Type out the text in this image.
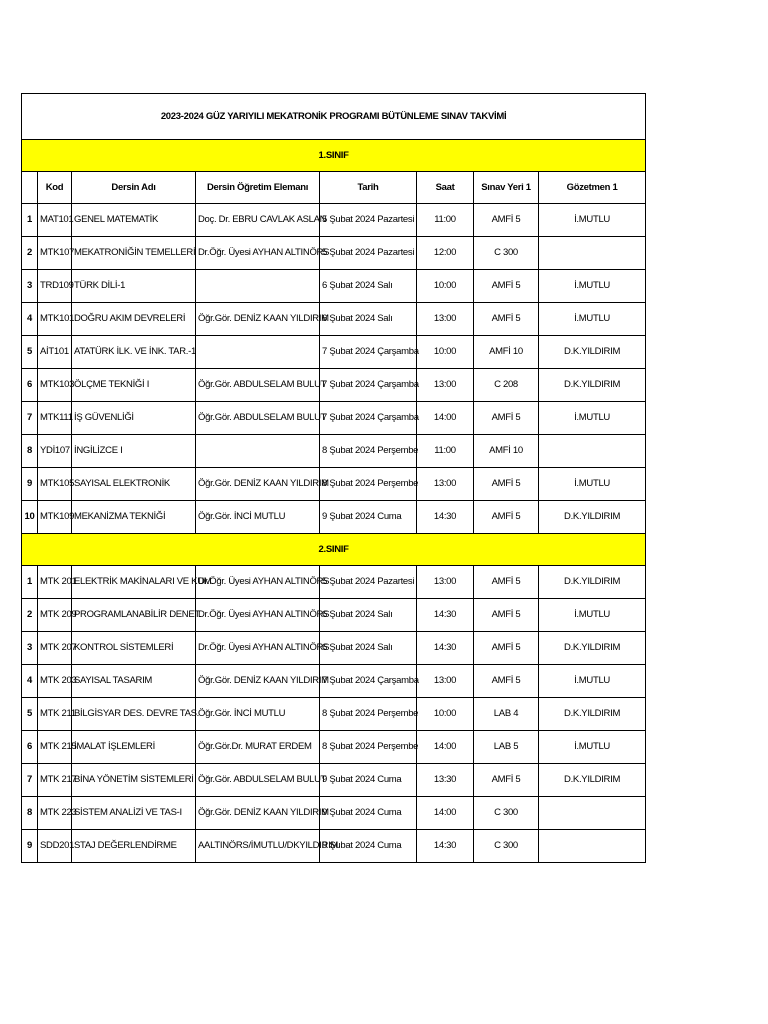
2023-2024 GÜZ YARIYILI MEKATRONİK PROGRAMI BÜTÜNLEME SINAV TAKVİMİ							
1.SINIF							
	Kod	Dersin Adı	Dersin Öğretim Elemanı	Tarih	Saat	Sınav Yeri 1	Gözetmen 1
1	MAT101	GENEL MATEMATİK	Doç. Dr. EBRU CAVLAK ASLAN	5 Şubat 2024 Pazartesi	11:00	AMFİ 5	İ.MUTLU
2	MTK107	MEKATRONİĞİN TEMELLERİ	Dr.Öğr. Üyesi AYHAN ALTINÖRS	5 Şubat 2024 Pazartesi	12:00	C 300	
3	TRD109	TÜRK DİLİ-1		6 Şubat 2024 Salı	10:00	AMFİ 5	İ.MUTLU
4	MTK101	DOĞRU AKIM DEVRELERİ	Öğr.Gör. DENİZ KAAN YILDIRIM	6 Şubat 2024 Salı	13:00	AMFİ 5	İ.MUTLU
5	AİT101	ATATÜRK İLK. VE İNK. TAR.-1		7 Şubat 2024 Çarşamba	10:00	AMFİ 10	D.K.YILDIRIM
6	MTK103	ÖLÇME TEKNİĞİ I	Öğr.Gör. ABDULSELAM BULUT	7 Şubat 2024 Çarşamba	13:00	C 208	D.K.YILDIRIM
7	MTK111	İŞ GÜVENLİĞİ	Öğr.Gör. ABDULSELAM BULUT	7 Şubat 2024 Çarşamba	14:00	AMFİ 5	İ.MUTLU
8	YDİ107	İNGİLİZCE I		8 Şubat 2024 Perşembe	11:00	AMFİ 10	
9	MTK105	SAYISAL ELEKTRONİK	Öğr.Gör. DENİZ KAAN YILDIRIM	8 Şubat 2024 Perşembe	13:00	AMFİ 5	İ.MUTLU
10	MTK109	MEKANİZMA TEKNİĞİ	Öğr.Gör. İNCİ MUTLU	9 Şubat 2024 Cuma	14:30	AMFİ 5	D.K.YILDIRIM
2.SINIF							
1	MTK 201	ELEKTRİK MAKİNALARI VE KUM.	Dr.Öğr. Üyesi AYHAN ALTINÖRS	5 Şubat 2024 Pazartesi	13:00	AMFİ 5	D.K.YILDIRIM
2	MTK 209	PROGRAMLANABİLİR DENET.	Dr.Öğr. Üyesi AYHAN ALTINÖRS	6 Şubat 2024 Salı	14:30	AMFİ 5	İ.MUTLU
3	MTK 207	KONTROL SİSTEMLERİ	Dr.Öğr. Üyesi AYHAN ALTINÖRS	6 Şubat 2024 Salı	14:30	AMFİ 5	D.K.YILDIRIM
4	MTK 203	SAYISAL TASARIM	Öğr.Gör. DENİZ KAAN YILDIRIM	7 Şubat 2024 Çarşamba	13:00	AMFİ 5	İ.MUTLU
5	MTK 211	BİLGİSYAR DES. DEVRE TAS.	Öğr.Gör. İNCİ MUTLU	8 Şubat 2024 Perşembe	10:00	LAB 4	D.K.YILDIRIM
6	MTK 215	İMALAT İŞLEMLERİ	Öğr.Gör.Dr. MURAT ERDEM	8 Şubat 2024 Perşembe	14:00	LAB 5	İ.MUTLU
7	MTK 217	BİNA YÖNETİM SİSTEMLERİ	Öğr.Gör. ABDULSELAM BULUT	9 Şubat 2024 Cuma	13:30	AMFİ 5	D.K.YILDIRIM
8	MTK 223	SİSTEM ANALİZİ VE TAS-I	Öğr.Gör. DENİZ KAAN YILDIRIM	9 Şubat 2024 Cuma	14:00	C 300	
9	SDD201	STAJ DEĞERLENDİRME	AALTINÖRS/İMUTLU/DKYILDIRIM	9 Şubat 2024 Cuma	14:30	C 300	
